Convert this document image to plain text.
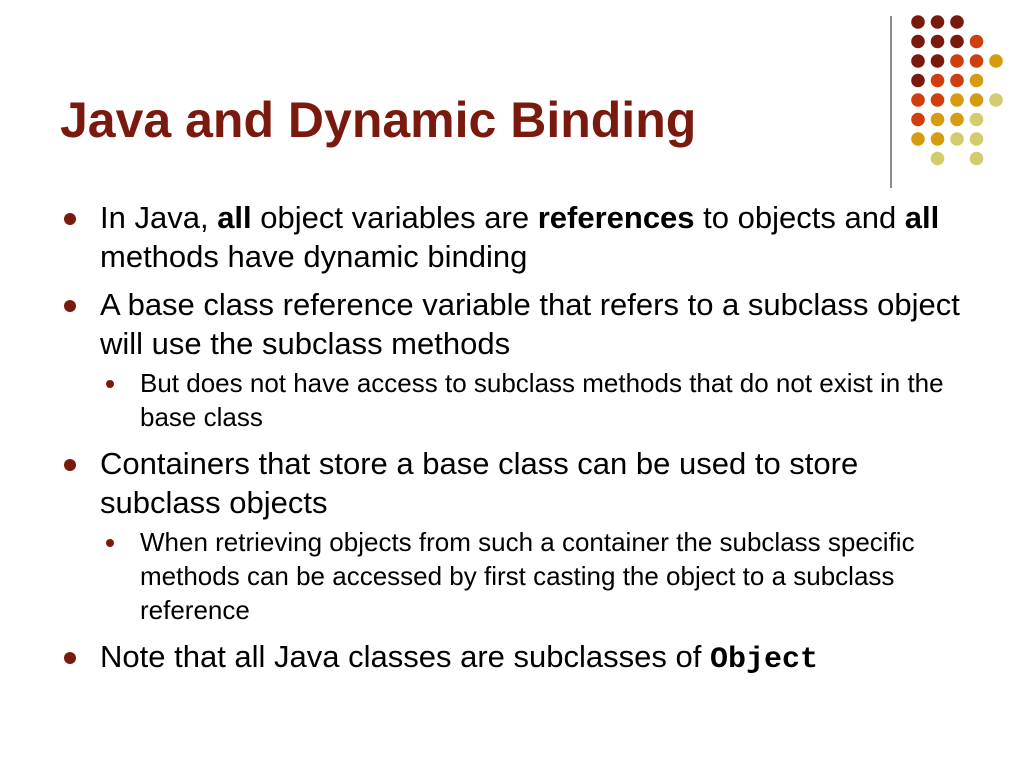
Java and Dynamic Binding
In Java, all object variables are references to objects and all methods have dynamic binding
A base class reference variable that refers to a subclass object will use the subclass methods
But does not have access to subclass methods that do not exist in the base class
Containers that store a base class can be used to store subclass objects
When retrieving objects from such a container the subclass specific methods can be accessed by first casting the object to a subclass reference
Note that all Java classes are subclasses of Object
